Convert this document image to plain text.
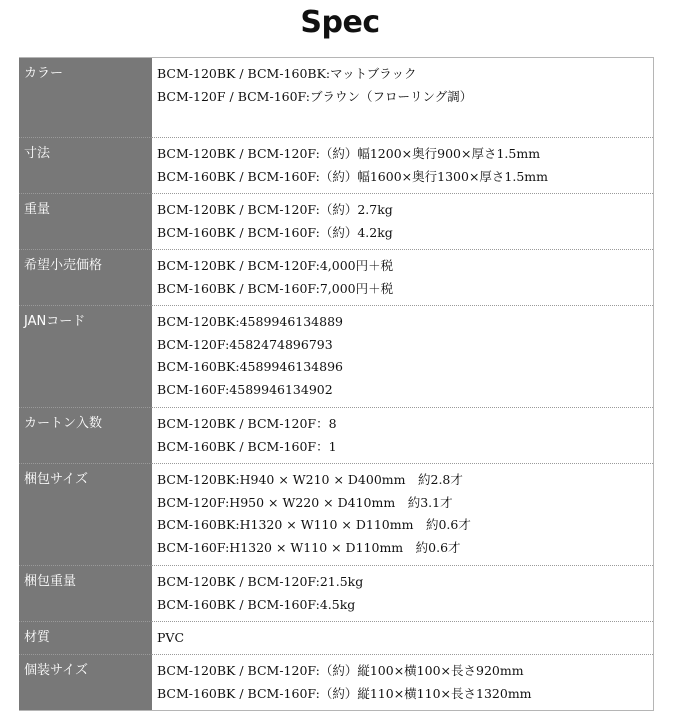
Spec
カラー	BCM-120BK / BCM-160BK:マットブラック
BCM-120F / BCM-160F:ブラウン（フローリング調）

寸法	BCM-120BK / BCM-120F:（約）幅1200×奥行900×厚さ1.5mm
BCM-160BK / BCM-160F:（約）幅1600×奥行1300×厚さ1.5mm

重量	BCM-120BK / BCM-120F:（約）2.7kg
BCM-160BK / BCM-160F:（約）4.2kg

希望小売価格	BCM-120BK / BCM-120F:4,000円＋税
BCM-160BK / BCM-160F:7,000円＋税

JANコード	BCM-120BK:4589946134889
BCM-120F:4582474896793
BCM-160BK:4589946134896
BCM-160F:4589946134902

カートン入数	BCM-120BK / BCM-120F：8
BCM-160BK / BCM-160F：1

梱包サイズ	BCM-120BK:H940 × W210 × D400mm　約2.8才
BCM-120F:H950 × W220 × D410mm　約3.1才
BCM-160BK:H1320 × W110 × D110mm　約0.6才
BCM-160F:H1320 × W110 × D110mm　約0.6才

梱包重量	BCM-120BK / BCM-120F:21.5kg
BCM-160BK / BCM-160F:4.5kg

材質	PVC

個装サイズ	BCM-120BK / BCM-120F:（約）縦100×横100×長さ920mm
BCM-160BK / BCM-160F:（約）縦110×横110×長さ1320mm
